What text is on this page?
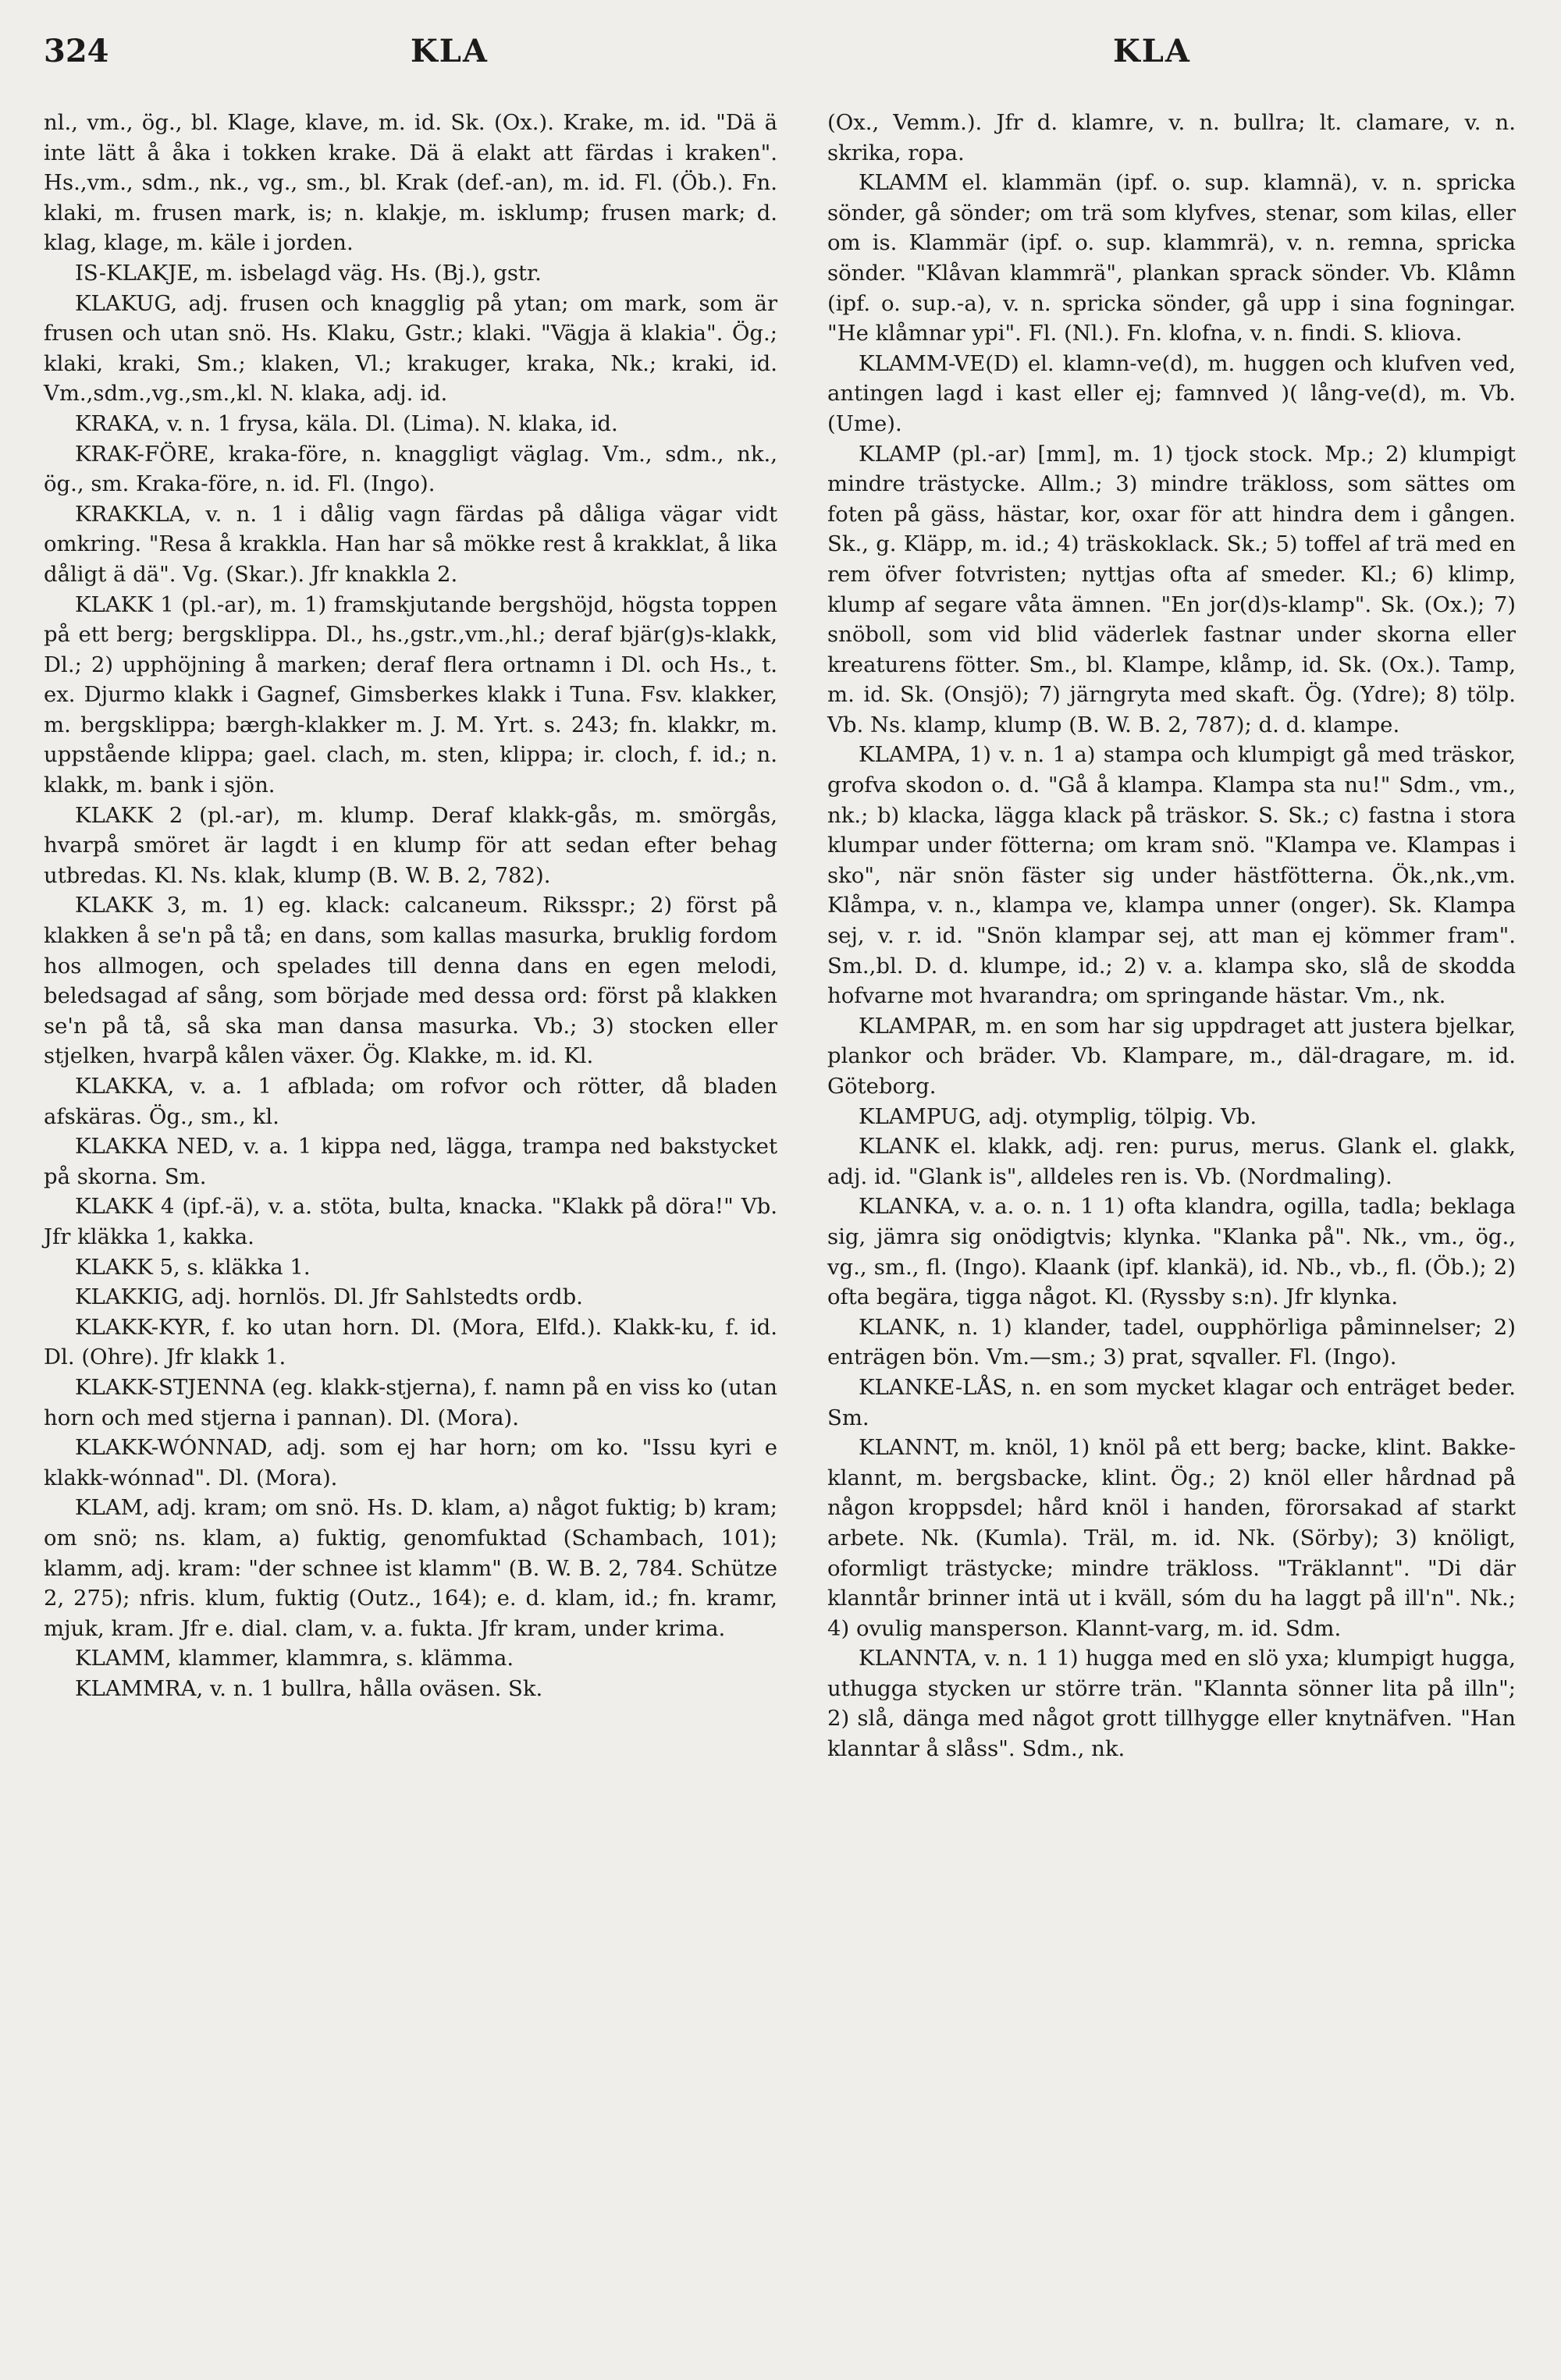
324	KLA	KLA

nl., vm., ög., bl. Klage, klave, m. id. Sk. (Ox.). Krake, m. id. "Dä ä inte lätt å åka i tokken krake. Dä ä elakt att färdas i kraken". Hs.,vm., sdm., nk., vg., sm., bl. Krak (def.-an), m. id. Fl. (Öb.). Fn. klaki, m. frusen mark, is; n. klakje, m. isklump; frusen mark; d. klag, klage, m. käle i jorden.

IS-KLAKJE, m. isbelagd väg. Hs. (Bj.), gstr.

KLAKUG, adj. frusen och knagglig på ytan; om mark, som är frusen och utan snö. Hs. Klaku, Gstr.; klaki. "Vägja ä klakia". Ög.; klaki, kraki, Sm.; klaken, Vl.; krakuger, kraka, Nk.; kraki, id. Vm.,sdm.,vg.,sm.,kl. N. klaka, adj. id.

KRAKA, v. n. 1 frysa, käla. Dl. (Lima). N. klaka, id.

KRAK-FÖRE, kraka-före, n. knaggligt väglag. Vm., sdm., nk., ög., sm. Kraka-före, n. id. Fl. (Ingo).

KRAKKLA, v. n. 1 i dålig vagn färdas på dåliga vägar vidt omkring. "Resa å krakkla. Han har så mökke rest å krakklat, å lika dåligt ä dä". Vg. (Skar.). Jfr knakkla 2.

KLAKK 1 (pl.-ar), m. 1) framskjutande bergshöjd, högsta toppen på ett berg; bergsklippa. Dl., hs.,gstr.,vm.,hl.; deraf bjär(g)s-klakk, Dl.; 2) upphöjning å marken; deraf flera ortnamn i Dl. och Hs., t. ex. Djurmo klakk i Gagnef, Gimsberkes klakk i Tuna. Fsv. klakker, m. bergsklippa; bærgh-klakker m. J. M. Yrt. s. 243; fn. klakkr, m. uppstående klippa; gael. clach, m. sten, klippa; ir. cloch, f. id.; n. klakk, m. bank i sjön.

KLAKK 2 (pl.-ar), m. klump. Deraf klakk-gås, m. smörgås, hvarpå smöret är lagdt i en klump för att sedan efter behag utbredas. Kl. Ns. klak, klump (B. W. B. 2, 782).

KLAKK 3, m. 1) eg. klack: calcaneum. Riksspr.; 2) först på klakken å se'n på tå; en dans, som kallas masurka, bruklig fordom hos allmogen, och spelades till denna dans en egen melodi, beledsagad af sång, som började med dessa ord: först på klakken se'n på tå, så ska man dansa masurka. Vb.; 3) stocken eller stjelken, hvarpå kålen växer. Ög. Klakke, m. id. Kl.

KLAKKA, v. a. 1 afblada; om rofvor och rötter, då bladen afskäras. Ög., sm., kl.

KLAKKA NED, v. a. 1 kippa ned, lägga, trampa ned bakstycket på skorna. Sm.

KLAKK 4 (ipf.-ä), v. a. stöta, bulta, knacka. "Klakk på döra!" Vb. Jfr kläkka 1, kakka.

KLAKK 5, s. kläkka 1.

KLAKKIG, adj. hornlös. Dl. Jfr Sahlstedts ordb.

KLAKK-KYR, f. ko utan horn. Dl. (Mora, Elfd.). Klakk-ku, f. id. Dl. (Ohre). Jfr klakk 1.

KLAKK-STJENNA (eg. klakk-stjerna), f. namn på en viss ko (utan horn och med stjerna i pannan). Dl. (Mora).

KLAKK-WÓNNAD, adj. som ej har horn; om ko. "Issu kyri e klakk-wónnad". Dl. (Mora).

KLAM, adj. kram; om snö. Hs. D. klam, a) något fuktig; b) kram; om snö; ns. klam, a) fuktig, genomfuktad (Schambach, 101); klamm, adj. kram: "der schnee ist klamm" (B. W. B. 2, 784. Schütze 2, 275); nfris. klum, fuktig (Outz., 164); e. d. klam, id.; fn. kramr, mjuk, kram. Jfr e. dial. clam, v. a. fukta. Jfr kram, under krima.

KLAMM, klammer, klammra, s. klämma.

KLAMMRA, v. n. 1 bullra, hålla oväsen. Sk.

(Ox., Vemm.). Jfr d. klamre, v. n. bullra; lt. clamare, v. n. skrika, ropa.

KLAMM el. klammän (ipf. o. sup. klamnä), v. n. spricka sönder, gå sönder; om trä som klyfves, stenar, som kilas, eller om is. Klammär (ipf. o. sup. klammrä), v. n. remna, spricka sönder. "Klåvan klammrä", plankan sprack sönder. Vb. Klåmn (ipf. o. sup.-a), v. n. spricka sönder, gå upp i sina fogningar. "He klåmnar ypi". Fl. (Nl.). Fn. klofna, v. n. findi. S. kliova.

KLAMM-VE(D) el. klamn-ve(d), m. huggen och klufven ved, antingen lagd i kast eller ej; famnved )( lång-ve(d), m. Vb. (Ume).

KLAMP (pl.-ar) [mm], m. 1) tjock stock. Mp.; 2) klumpigt mindre trästycke. Allm.; 3) mindre träkloss, som sättes om foten på gäss, hästar, kor, oxar för att hindra dem i gången. Sk., g. Kläpp, m. id.; 4) träskoklack. Sk.; 5) toffel af trä med en rem öfver fotvristen; nyttjas ofta af smeder. Kl.; 6) klimp, klump af segare våta ämnen. "En jor(d)s-klamp". Sk. (Ox.); 7) snöboll, som vid blid väderlek fastnar under skorna eller kreaturens fötter. Sm., bl. Klampe, klåmp, id. Sk. (Ox.). Tamp, m. id. Sk. (Onsjö); 7) järngryta med skaft. Ög. (Ydre); 8) tölp. Vb. Ns. klamp, klump (B. W. B. 2, 787); d. d. klampe.

KLAMPA, 1) v. n. 1 a) stampa och klumpigt gå med träskor, grofva skodon o. d. "Gå å klampa. Klampa sta nu!" Sdm., vm., nk.; b) klacka, lägga klack på träskor. S. Sk.; c) fastna i stora klumpar under fötterna; om kram snö. "Klampa ve. Klampas i sko", när snön fäster sig under hästfötterna. Ök.,nk.,vm. Klåmpa, v. n., klampa ve, klampa unner (onger). Sk. Klampa sej, v. r. id. "Snön klampar sej, att man ej kömmer fram". Sm.,bl. D. d. klumpe, id.; 2) v. a. klampa sko, slå de skodda hofvarne mot hvarandra; om springande hästar. Vm., nk.

KLAMPAR, m. en som har sig uppdraget att justera bjelkar, plankor och bräder. Vb. Klampare, m., däl-dragare, m. id. Göteborg.

KLAMPUG, adj. otymplig, tölpig. Vb.

KLANK el. klakk, adj. ren: purus, merus. Glank el. glakk, adj. id. "Glank is", alldeles ren is. Vb. (Nordmaling).

KLANKA, v. a. o. n. 1 1) ofta klandra, ogilla, tadla; beklaga sig, jämra sig onödigtvis; klynka. "Klanka på". Nk., vm., ög., vg., sm., fl. (Ingo). Klaank (ipf. klankä), id. Nb., vb., fl. (Öb.); 2) ofta begära, tigga något. Kl. (Ryssby s:n). Jfr klynka.

KLANK, n. 1) klander, tadel, oupphörliga påminnelser; 2) enträgen bön. Vm.—sm.; 3) prat, sqvaller. Fl. (Ingo).

KLANKE-LÅS, n. en som mycket klagar och enträget beder. Sm.

KLANNT, m. knöl, 1) knöl på ett berg; backe, klint. Bakke-klannt, m. bergsbacke, klint. Ög.; 2) knöl eller hårdnad på någon kroppsdel; hård knöl i handen, förorsakad af starkt arbete. Nk. (Kumla). Träl, m. id. Nk. (Sörby); 3) knöligt, oformligt trästycke; mindre träkloss. "Träklannt". "Di där klanntår brinner intä ut i kväll, sóm du ha laggt på ill'n". Nk.; 4) ovulig mansperson. Klannt-varg, m. id. Sdm.

KLANNTA, v. n. 1 1) hugga med en slö yxa; klumpigt hugga, uthugga stycken ur större trän. "Klannta sönner lita på illn"; 2) slå, dänga med något grott tillhygge eller knytnäfven. "Han klanntar å slåss". Sdm., nk.
